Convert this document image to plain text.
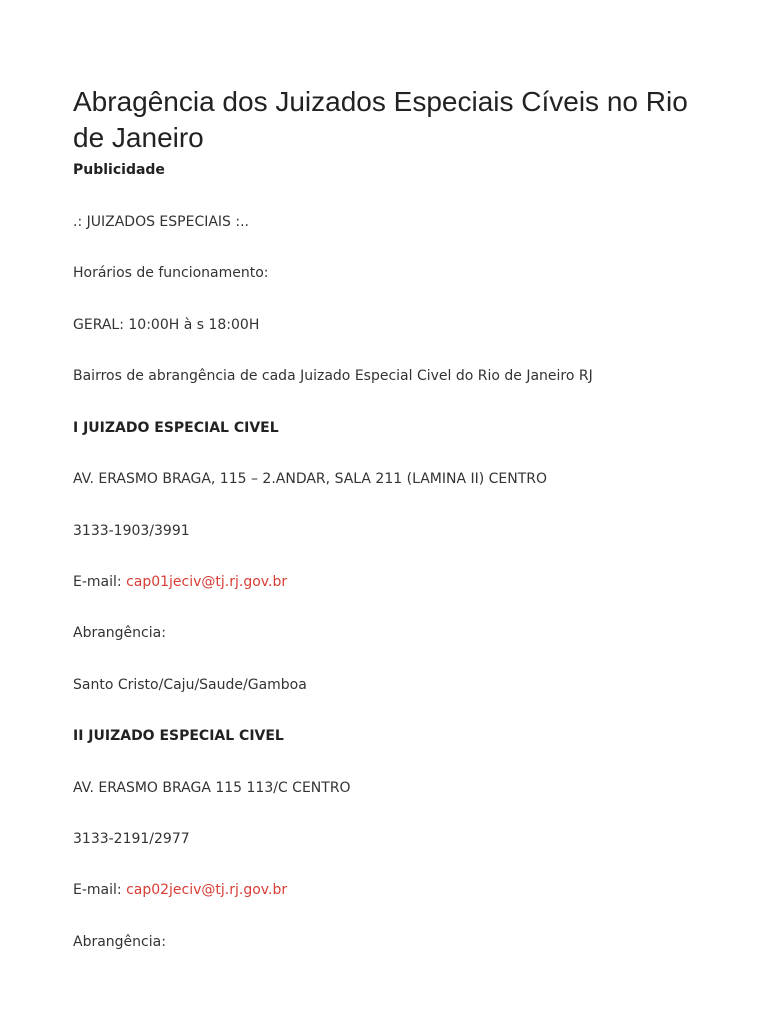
Abragência dos Juizados Especiais Cíveis no Rio de Janeiro
Publicidade
.: JUIZADOS ESPECIAIS :..
Horários de funcionamento:
GERAL: 10:00H à s 18:00H
Bairros de abrangência de cada Juizado Especial Civel do Rio de Janeiro RJ
I JUIZADO ESPECIAL CIVEL
AV. ERASMO BRAGA, 115 – 2.ANDAR, SALA 211 (LAMINA II) CENTRO
3133-1903/3991
E-mail: cap01jeciv@tj.rj.gov.br
Abrangência:
Santo Cristo/Caju/Saude/Gamboa
II JUIZADO ESPECIAL CIVEL
AV. ERASMO BRAGA 115 113/C CENTRO
3133-2191/2977
E-mail: cap02jeciv@tj.rj.gov.br
Abrangência:
